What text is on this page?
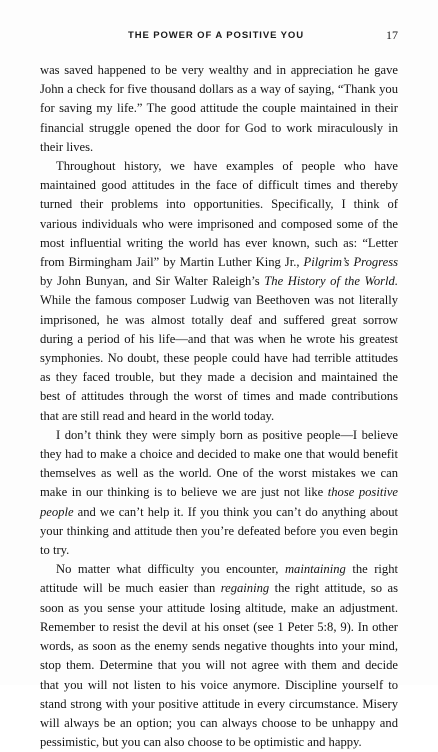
THE POWER OF A POSITIVE YOU	17

was saved happened to be very wealthy and in appreciation he gave John a check for five thousand dollars as a way of saying, “Thank you for saving my life.” The good attitude the couple maintained in their financial struggle opened the door for God to work miraculously in their lives.

Throughout history, we have examples of people who have maintained good attitudes in the face of difficult times and thereby turned their problems into opportunities. Specifically, I think of various individuals who were imprisoned and composed some of the most influential writing the world has ever known, such as: “Letter from Birmingham Jail” by Martin Luther King Jr., Pilgrim’s Progress by John Bunyan, and Sir Walter Raleigh’s The History of the World. While the famous composer Ludwig van Beethoven was not literally imprisoned, he was almost totally deaf and suffered great sorrow during a period of his life—and that was when he wrote his greatest symphonies. No doubt, these people could have had terrible attitudes as they faced trouble, but they made a decision and maintained the best of attitudes through the worst of times and made contributions that are still read and heard in the world today.

I don’t think they were simply born as positive people—I believe they had to make a choice and decided to make one that would benefit themselves as well as the world. One of the worst mistakes we can make in our thinking is to believe we are just not like those positive people and we can’t help it. If you think you can’t do anything about your thinking and attitude then you’re defeated before you even begin to try.

No matter what difficulty you encounter, maintaining the right attitude will be much easier than regaining the right attitude, so as soon as you sense your attitude losing altitude, make an adjustment. Remember to resist the devil at his onset (see 1 Peter 5:8, 9). In other words, as soon as the enemy sends negative thoughts into your mind, stop them. Determine that you will not agree with them and decide that you will not listen to his voice anymore. Discipline yourself to stand strong with your positive attitude in every circumstance. Misery will always be an option; you can always choose to be unhappy and pessimistic, but you can also choose to be optimistic and happy.
